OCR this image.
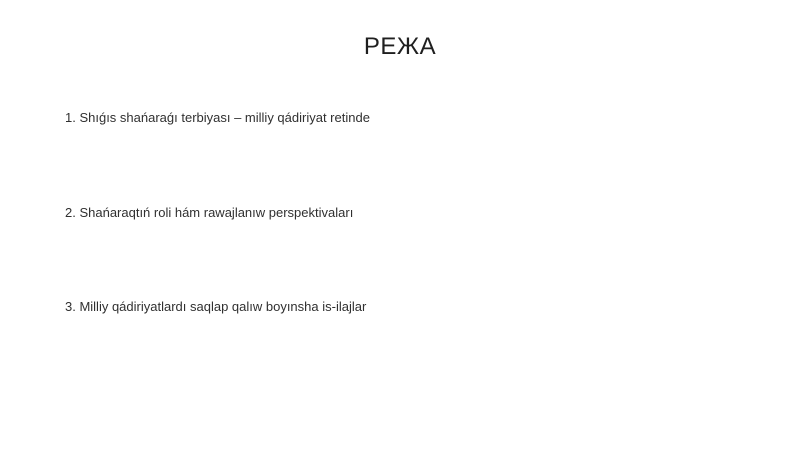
РЕЖА
1. Shıǵıs shańaraǵı terbiyası – milliy qádiriyat retinde
2. Shańaraqtıń roli hám rawajlanıw perspektivaları
3. Milliy qádiriyatlardı saqlap qalıw boyınsha is-ilajlar
